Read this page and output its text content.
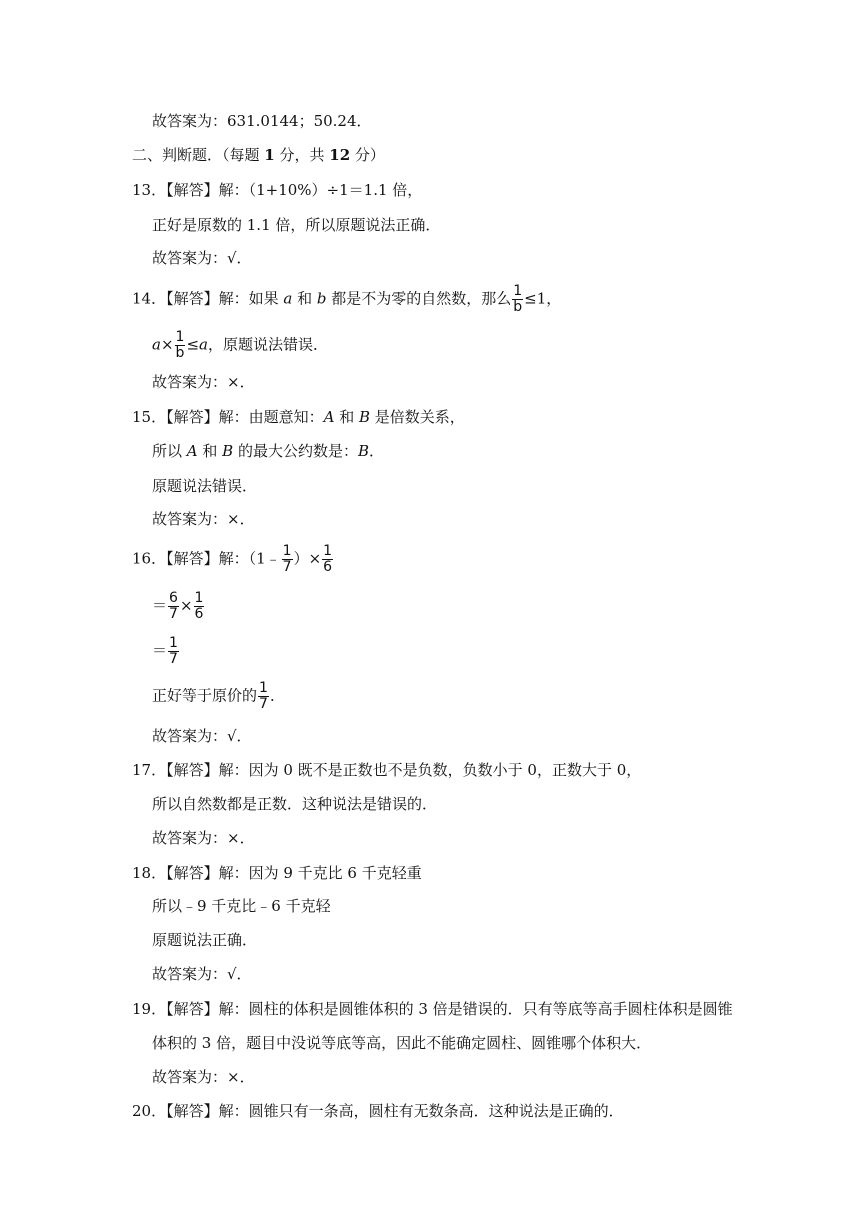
故答案为：631.0144；50.24．
二、判断题．（每题 1 分，共 12 分）
13．【解答】解：（1+10%）÷1＝1.1 倍，
正好是原数的 1.1 倍，所以原题说法正确．
故答案为：√．
14．【解答】解：如果 a 和 b 都是不为零的自然数，那么 $\frac{1}{b} \le 1$，
$a\times \frac{1}{b} \le a$，原题说法错误．
故答案为：×．
15．【解答】解：由题意知：A 和 B 是倍数关系，
所以 A 和 B 的最大公约数是：B．
原题说法错误．
故答案为：×．
16．【解答】解：（1﹣ $\frac{1}{7}$ ）× $\frac{1}{6}$
＝ $\frac{6}{7} \times \frac{1}{6}$
＝ $\frac{1}{7}$
正好等于原价的 $\frac{1}{7}$ ．
故答案为：√．
17．【解答】解：因为 0 既不是正数也不是负数，负数小于 0，正数大于 0，
所以自然数都是正数．这种说法是错误的．
故答案为：×．
18．【解答】解：因为 9 千克比 6 千克轻重
所以﹣9 千克比﹣6 千克轻
原题说法正确．
故答案为：√．
19．【解答】解：圆柱的体积是圆锥体积的 3 倍是错误的．只有等底等高手圆柱体积是圆锥
体积的 3 倍，题目中没说等底等高，因此不能确定圆柱、圆锥哪个体积大．
故答案为：×．
20．【解答】解：圆锥只有一条高，圆柱有无数条高．这种说法是正确的．
